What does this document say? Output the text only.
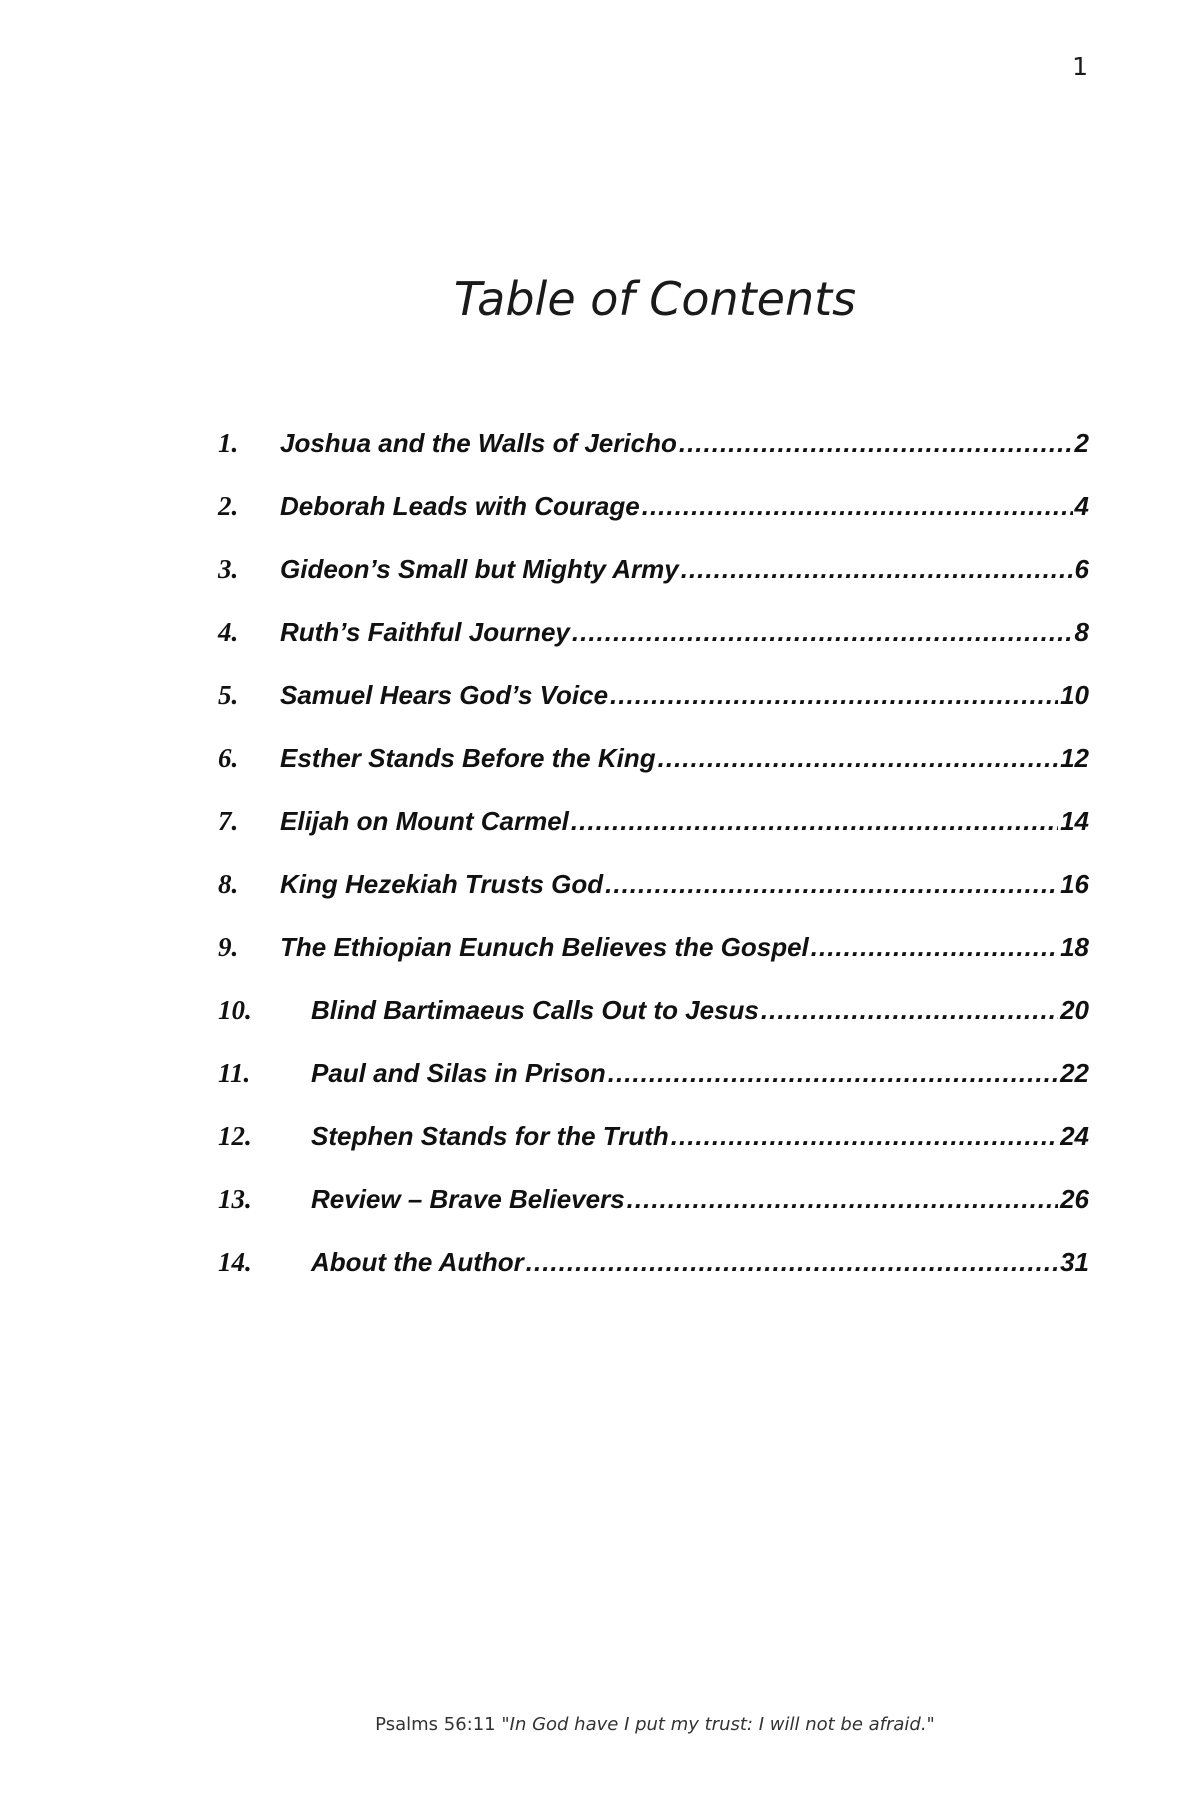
1
Table of Contents
1.	Joshua and the Walls of Jericho .....	2
2.	Deborah Leads with Courage .....	4
3.	Gideon’s Small but Mighty Army .....	6
4.	Ruth’s Faithful Journey .....	8
5.	Samuel Hears God’s Voice .....	10
6.	Esther Stands Before the King .....	12
7.	Elijah on Mount Carmel .....	14
8.	King Hezekiah Trusts God .....	16
9.	The Ethiopian Eunuch Believes the Gospel .....	18
10.	Blind Bartimaeus Calls Out to Jesus .....	20
11.	Paul and Silas in Prison .....	22
12.	Stephen Stands for the Truth .....	24
13.	Review – Brave Believers .....	26
14.	About the Author .....	31
Psalms 56:11 "In God have I put my trust: I will not be afraid."
